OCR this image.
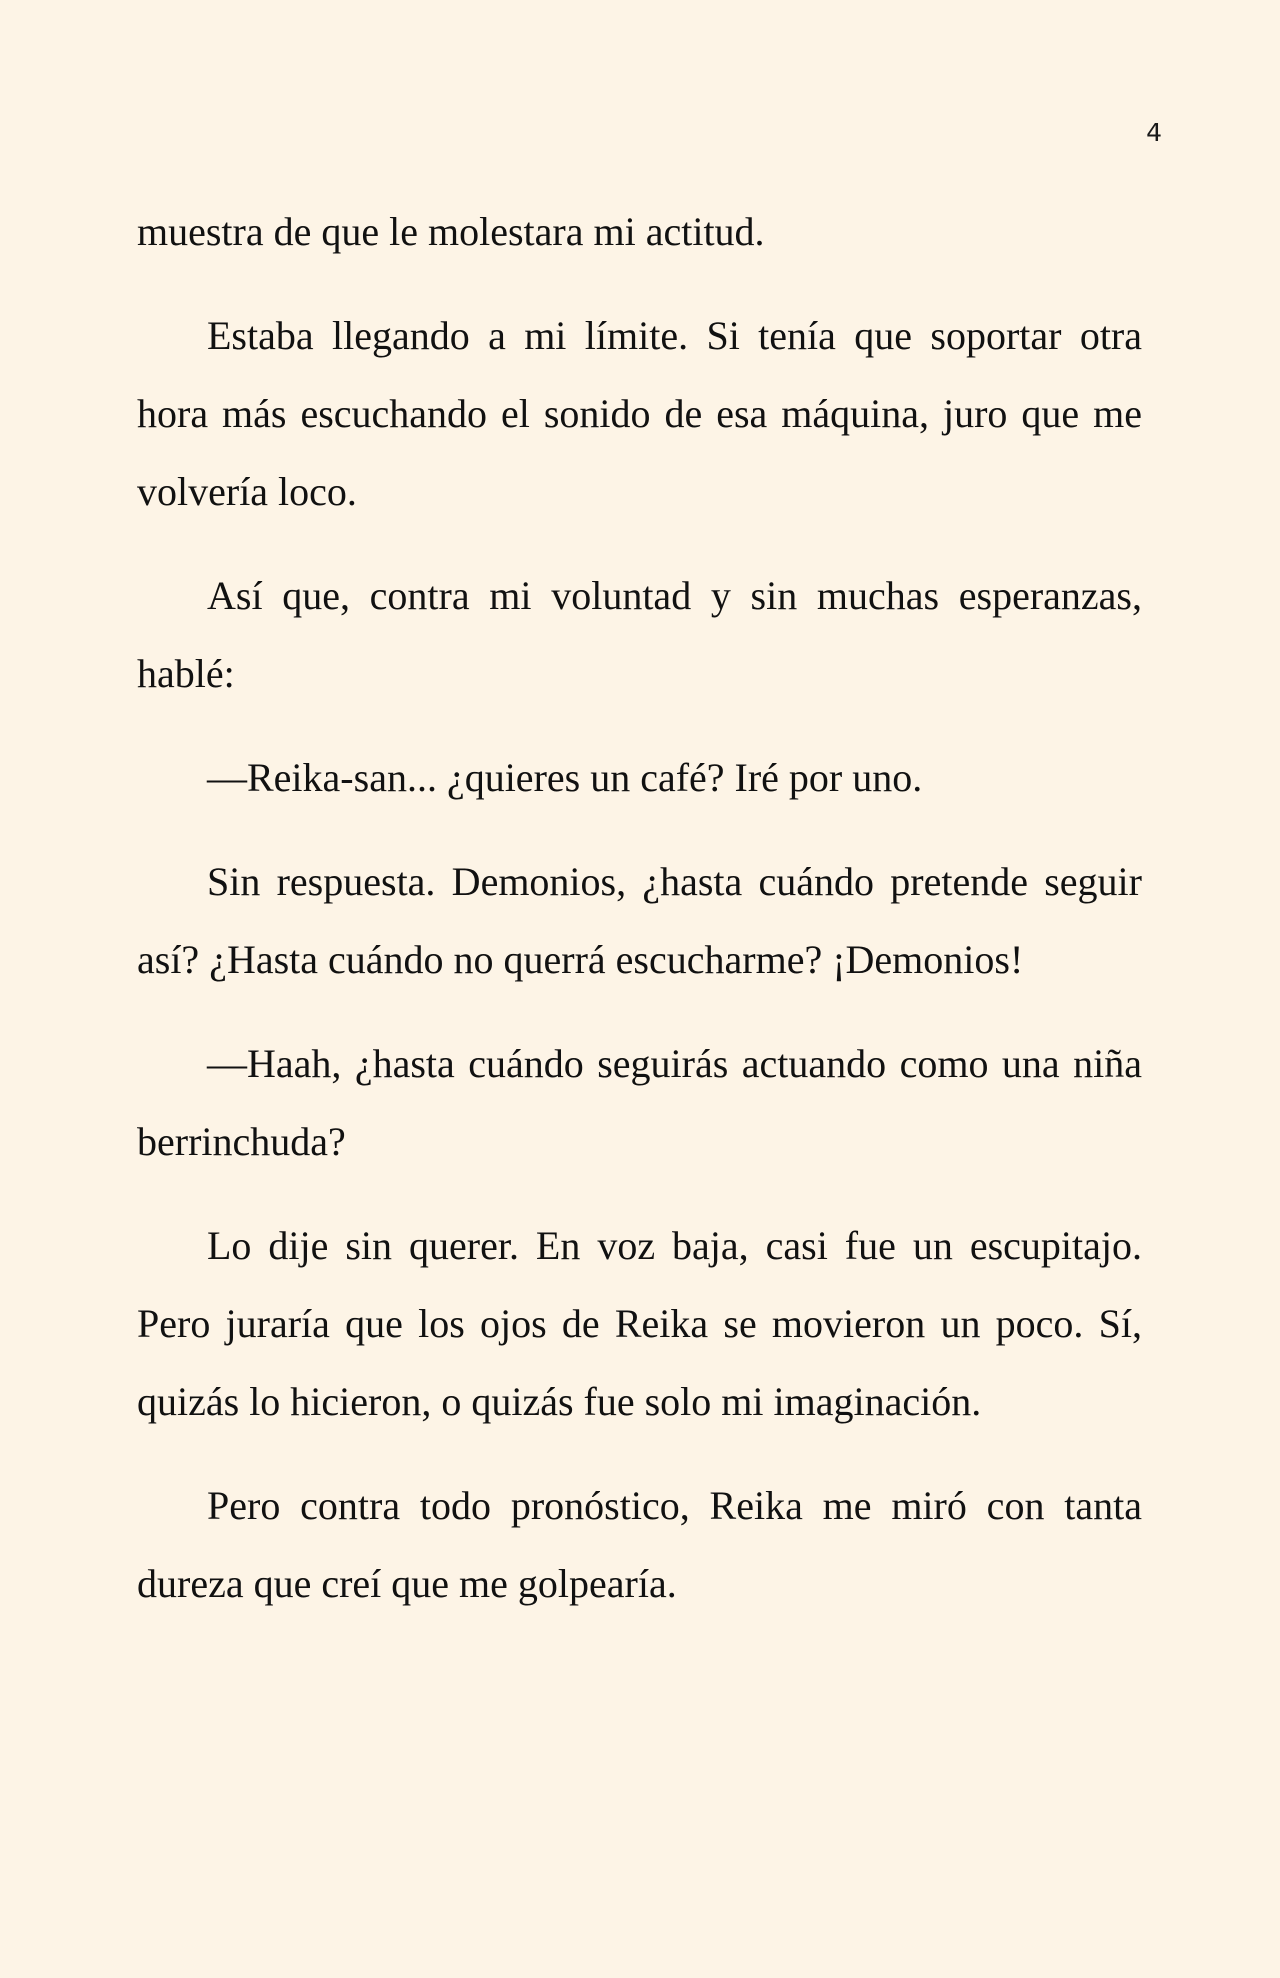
4

muestra de que le molestara mi actitud.

Estaba llegando a mi límite. Si tenía que soportar otra hora más escuchando el sonido de esa máquina, juro que me volvería loco.

Así que, contra mi voluntad y sin muchas esperanzas, hablé:

—Reika-san... ¿quieres un café? Iré por uno.

Sin respuesta. Demonios, ¿hasta cuándo pretende seguir así? ¿Hasta cuándo no querrá escucharme? ¡Demonios!

—Haah, ¿hasta cuándo seguirás actuando como una niña berrinchuda?

Lo dije sin querer. En voz baja, casi fue un escupitajo. Pero juraría que los ojos de Reika se movieron un poco. Sí, quizás lo hicieron, o quizás fue solo mi imaginación.

Pero contra todo pronóstico, Reika me miró con tanta dureza que creí que me golpearía.
